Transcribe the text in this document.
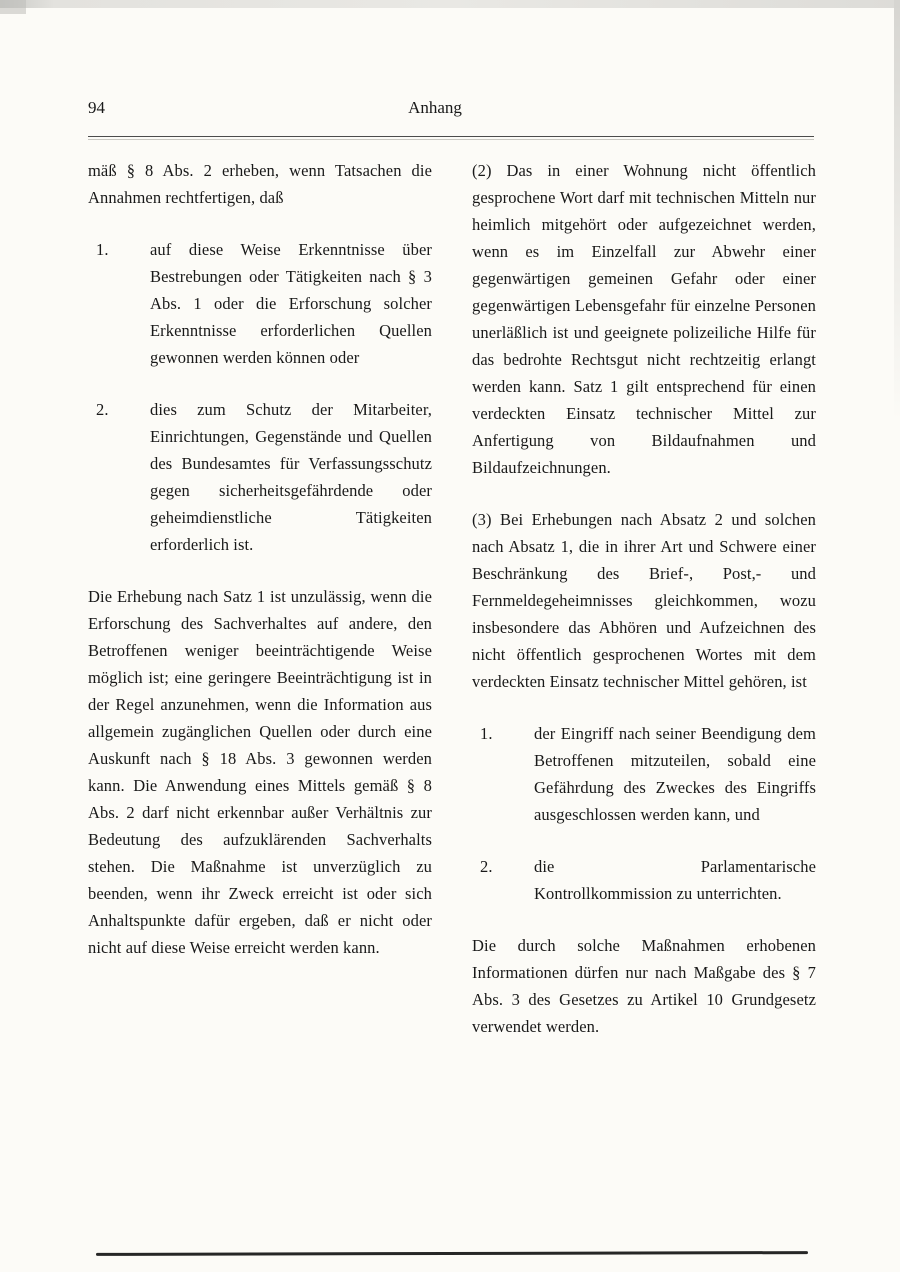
94	Anhang

mäß § 8 Abs. 2 erheben, wenn Tatsachen die Annahmen rechtfertigen, daß

1.	auf diese Weise Erkenntnisse über Bestrebungen oder Tätigkeiten nach § 3 Abs. 1 oder die Erforschung solcher Erkenntnisse erforderlichen Quellen gewonnen werden können oder
2.	dies zum Schutz der Mitarbeiter, Einrichtungen, Gegenstände und Quellen des Bundesamtes für Verfassungsschutz gegen sicherheitsgefährdende oder geheimdienstliche Tätigkeiten erforderlich ist.

Die Erhebung nach Satz 1 ist unzulässig, wenn die Erforschung des Sachverhaltes auf andere, den Betroffenen weniger beeinträchtigende Weise möglich ist; eine geringere Beeinträchtigung ist in der Regel anzunehmen, wenn die Information aus allgemein zugänglichen Quellen oder durch eine Auskunft nach § 18 Abs. 3 gewonnen werden kann. Die Anwendung eines Mittels gemäß § 8 Abs. 2 darf nicht erkennbar außer Verhältnis zur Bedeutung des aufzuklärenden Sachverhalts stehen. Die Maßnahme ist unverzüglich zu beenden, wenn ihr Zweck erreicht ist oder sich Anhaltspunkte dafür ergeben, daß er nicht oder nicht auf diese Weise erreicht werden kann.

(2) Das in einer Wohnung nicht öffentlich gesprochene Wort darf mit technischen Mitteln nur heimlich mitgehört oder aufgezeichnet werden, wenn es im Einzelfall zur Abwehr einer gegenwärtigen gemeinen Gefahr oder einer gegenwärtigen Lebensgefahr für einzelne Personen unerläßlich ist und geeignete polizeiliche Hilfe für das bedrohte Rechtsgut nicht rechtzeitig erlangt werden kann. Satz 1 gilt entsprechend für einen verdeckten Einsatz technischer Mittel zur Anfertigung von Bildaufnahmen und Bildaufzeichnungen.

(3) Bei Erhebungen nach Absatz 2 und solchen nach Absatz 1, die in ihrer Art und Schwere einer Beschränkung des Brief-, Post,- und Fernmeldegeheimnisses gleichkommen, wozu insbesondere das Abhören und Aufzeichnen des nicht öffentlich gesprochenen Wortes mit dem verdeckten Einsatz technischer Mittel gehören, ist

1.	der Eingriff nach seiner Beendigung dem Betroffenen mitzuteilen, sobald eine Gefährdung des Zweckes des Eingriffs ausgeschlossen werden kann, und
2.	die Parlamentarische Kontrollkommission zu unterrichten.

Die durch solche Maßnahmen erhobenen Informationen dürfen nur nach Maßgabe des § 7 Abs. 3 des Gesetzes zu Artikel 10 Grundgesetz verwendet werden.
